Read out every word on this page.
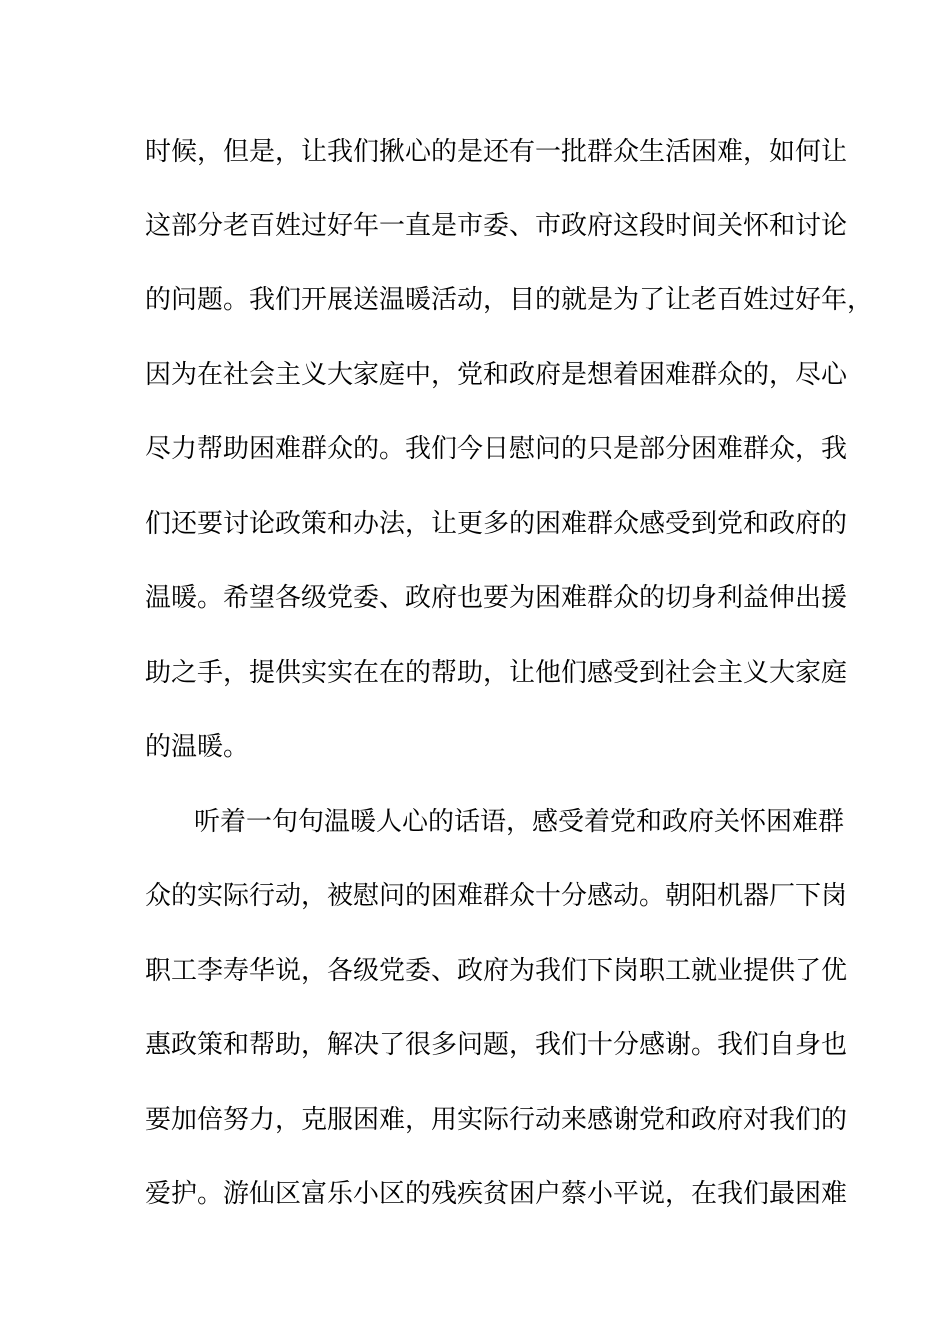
时候，但是，让我们揪心的是还有一批群众生活困难，如何让
这部分老百姓过好年一直是市委、市政府这段时间关怀和讨论
的问题。我们开展送温暖活动，目的就是为了让老百姓过好年，
因为在社会主义大家庭中，党和政府是想着困难群众的，尽心
尽力帮助困难群众的。我们今日慰问的只是部分困难群众，我
们还要讨论政策和办法，让更多的困难群众感受到党和政府的
温暖。希望各级党委、政府也要为困难群众的切身利益伸出援
助之手，提供实实在在的帮助，让他们感受到社会主义大家庭
的温暖。
听着一句句温暖人心的话语，感受着党和政府关怀困难群
众的实际行动，被慰问的困难群众十分感动。朝阳机器厂下岗
职工李寿华说，各级党委、政府为我们下岗职工就业提供了优
惠政策和帮助，解决了很多问题，我们十分感谢。我们自身也
要加倍努力，克服困难，用实际行动来感谢党和政府对我们的
爱护。游仙区富乐小区的残疾贫困户蔡小平说，在我们最困难
